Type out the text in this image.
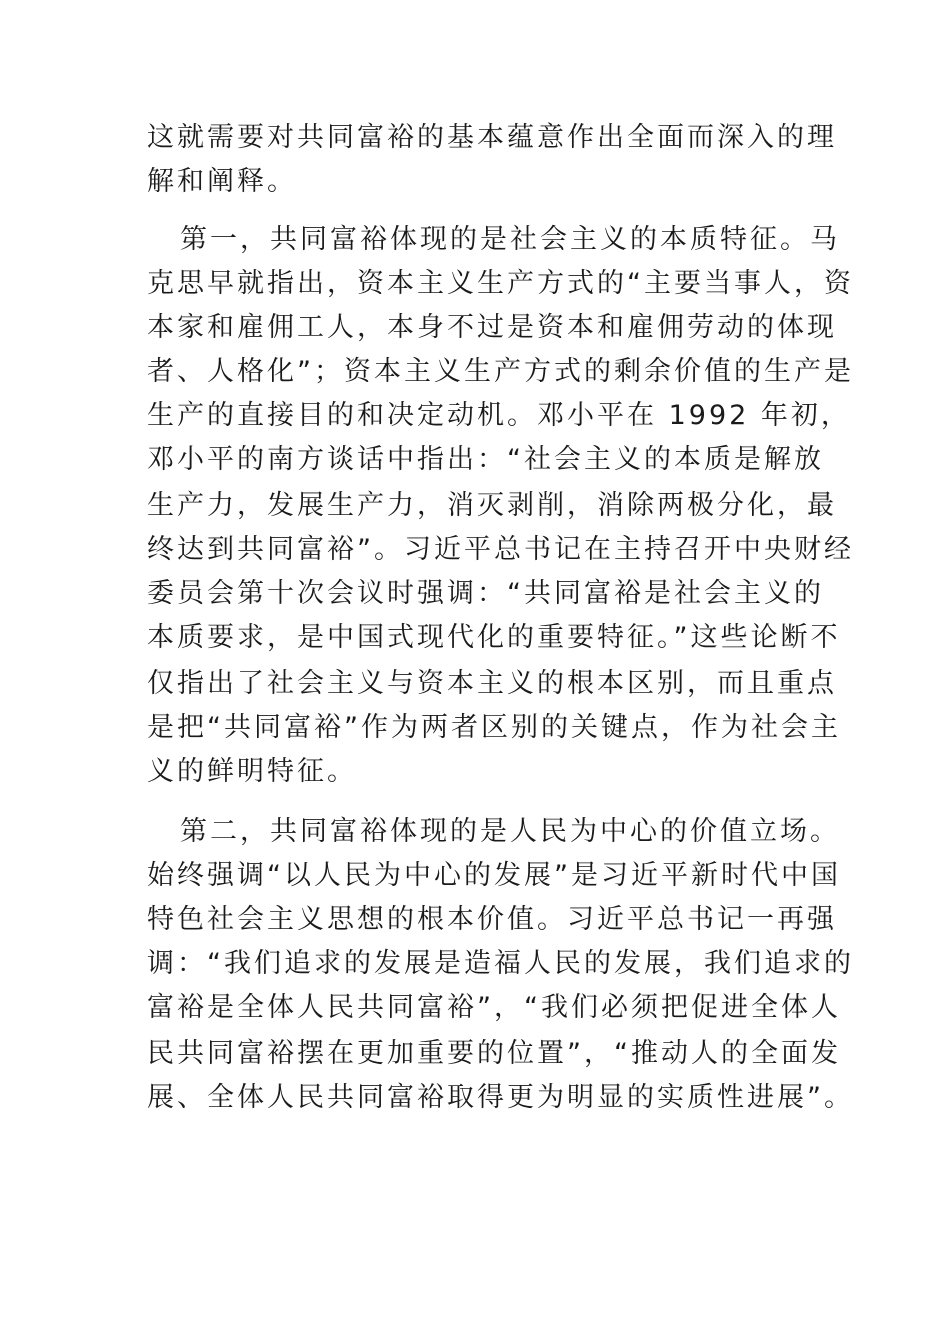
这就需要对共同富裕的基本蕴意作出全面而深入的理
解和阐释。
第一，共同富裕体现的是社会主义的本质特征。马
克思早就指出，资本主义生产方式的“主要当事人，资
本家和雇佣工人，本身不过是资本和雇佣劳动的体现
者、人格化”；资本主义生产方式的剩余价值的生产是
生产的直接目的和决定动机。邓小平在 1992 年初，
邓小平的南方谈话中指出：“社会主义的本质是解放
生产力，发展生产力，消灭剥削，消除两极分化，最
终达到共同富裕”。习近平总书记在主持召开中央财经
委员会第十次会议时强调：“共同富裕是社会主义的
本质要求，是中国式现代化的重要特征。”这些论断不
仅指出了社会主义与资本主义的根本区别，而且重点
是把“共同富裕”作为两者区别的关键点，作为社会主
义的鲜明特征。
第二，共同富裕体现的是人民为中心的价值立场。
始终强调“以人民为中心的发展”是习近平新时代中国
特色社会主义思想的根本价值。习近平总书记一再强
调：“我们追求的发展是造福人民的发展，我们追求的
富裕是全体人民共同富裕”，“我们必须把促进全体人
民共同富裕摆在更加重要的位置”，“推动人的全面发
展、全体人民共同富裕取得更为明显的实质性进展”。
